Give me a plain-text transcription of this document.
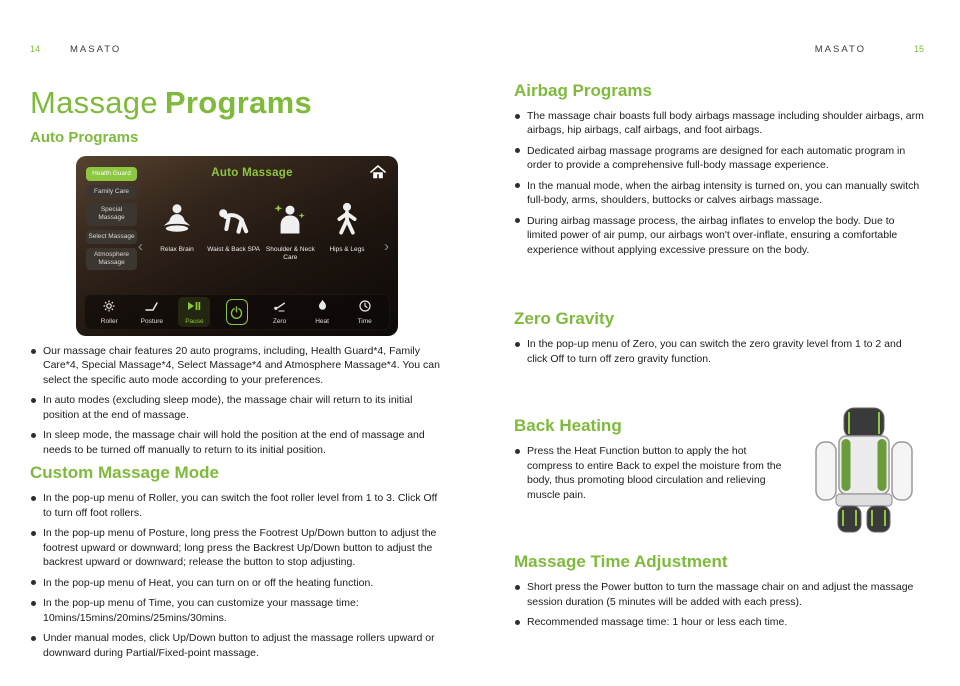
14	MASATO
Massage Programs
Auto Programs
Health Guard
Family Care
Special Massage
Select Massage
Atmosphere Massage
Auto Massage
‹	›
Relax Brain Waist & Back SPA Shoulder & Neck Care
Hips & Legs
Roller	Posture	Pause	Zero	Heat	Time
Our massage chair features 20 auto programs, including, Health Guard*4, Family Care*4, Special Massage*4, Select Massage*4 and Atmosphere Massage*4. You can select the specific auto mode according to your preferences.
In auto modes (excluding sleep mode), the massage chair will return to its initial position at the end of massage.
In sleep mode, the massage chair will hold the position at the end of massage and needs to be turned off manually to return to its initial position.
Custom Massage Mode
In the pop-up menu of Roller, you can switch the foot roller level from 1 to 3. Click Off to turn off foot rollers.
In the pop-up menu of Posture, long press the Footrest Up/Down button to adjust the footrest upward or downward; long press the Backrest Up/Down button to adjust the backrest upward or downward; release the button to stop adjusting.
In the pop-up menu of Heat, you can turn on or off the heating function.
In the pop-up menu of Time, you can customize your massage time: 10mins/15mins/20mins/25mins/30mins.
Under manual modes, click Up/Down button to adjust the massage rollers upward or downward during Partial/Fixed-point massage.
MASATO	15
Airbag Programs
The massage chair boasts full body airbags massage including shoulder airbags, arm airbags, hip airbags, calf airbags, and foot airbags.
Dedicated airbag massage programs are designed for each automatic program in order to provide a comprehensive full-body massage experience.
In the manual mode, when the airbag intensity is turned on, you can manually switch full-body, arms, shoulders, buttocks or calves airbags massage.
During airbag massage process, the airbag inflates to envelop the body. Due to limited power of air pump, our airbags won't over-inflate, ensuring a comfortable experience without applying excessive pressure on the body.
Zero Gravity
In the pop-up menu of Zero, you can switch the zero gravity level from 1 to 2 and click Off to turn off zero gravity function.
Back Heating
Press the Heat Function button to apply the hot compress to entire Back to expel the moisture from the body, thus promoting blood circulation and relieving muscle pain.
Massage Time Adjustment
Short press the Power button to turn the massage chair on and adjust the massage session duration (5 minutes will be added with each press).
Recommended massage time: 1 hour or less each time.
